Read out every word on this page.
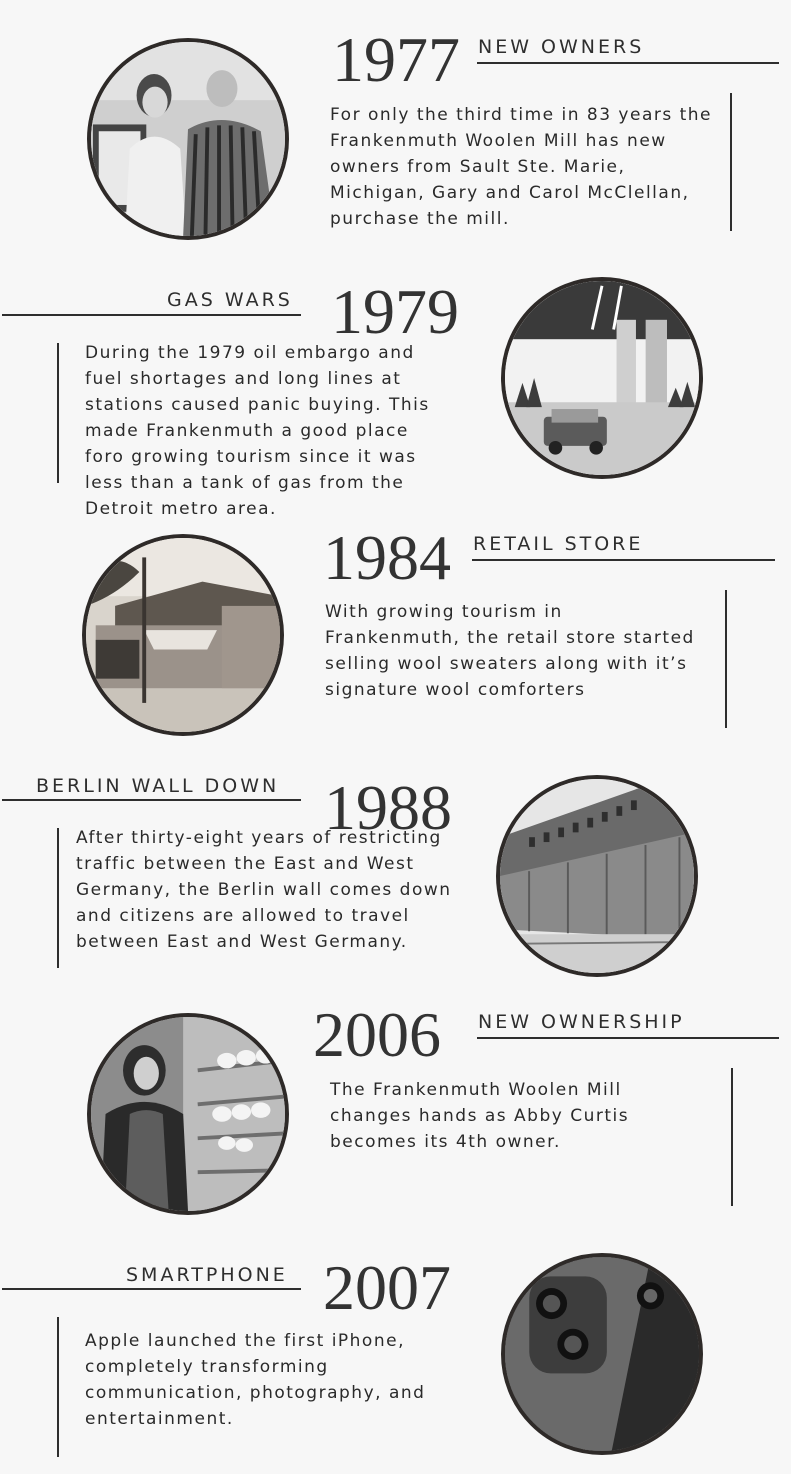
1977 NEW OWNERS

For only the third time in 83 years the Frankenmuth Woolen Mill has new owners from Sault Ste. Marie, Michigan, Gary and Carol McClellan, purchase the mill.

GAS WARS 1979

During the 1979 oil embargo and fuel shortages and long lines at stations caused panic buying. This made Frankenmuth a good place foro growing tourism since it was less than a tank of gas from the Detroit metro area.

1984 RETAIL STORE

With growing tourism in Frankenmuth, the retail store started selling wool sweaters along with it’s signature wool comforters

BERLIN WALL DOWN 1988

After thirty-eight years of restricting traffic between the East and West Germany, the Berlin wall comes down and citizens are allowed to travel between East and West Germany.

2006 NEW OWNERSHIP

The Frankenmuth Woolen Mill changes hands as Abby Curtis becomes its 4th owner.

SMARTPHONE 2007

Apple launched the first iPhone, completely transforming communication, photography, and entertainment.
